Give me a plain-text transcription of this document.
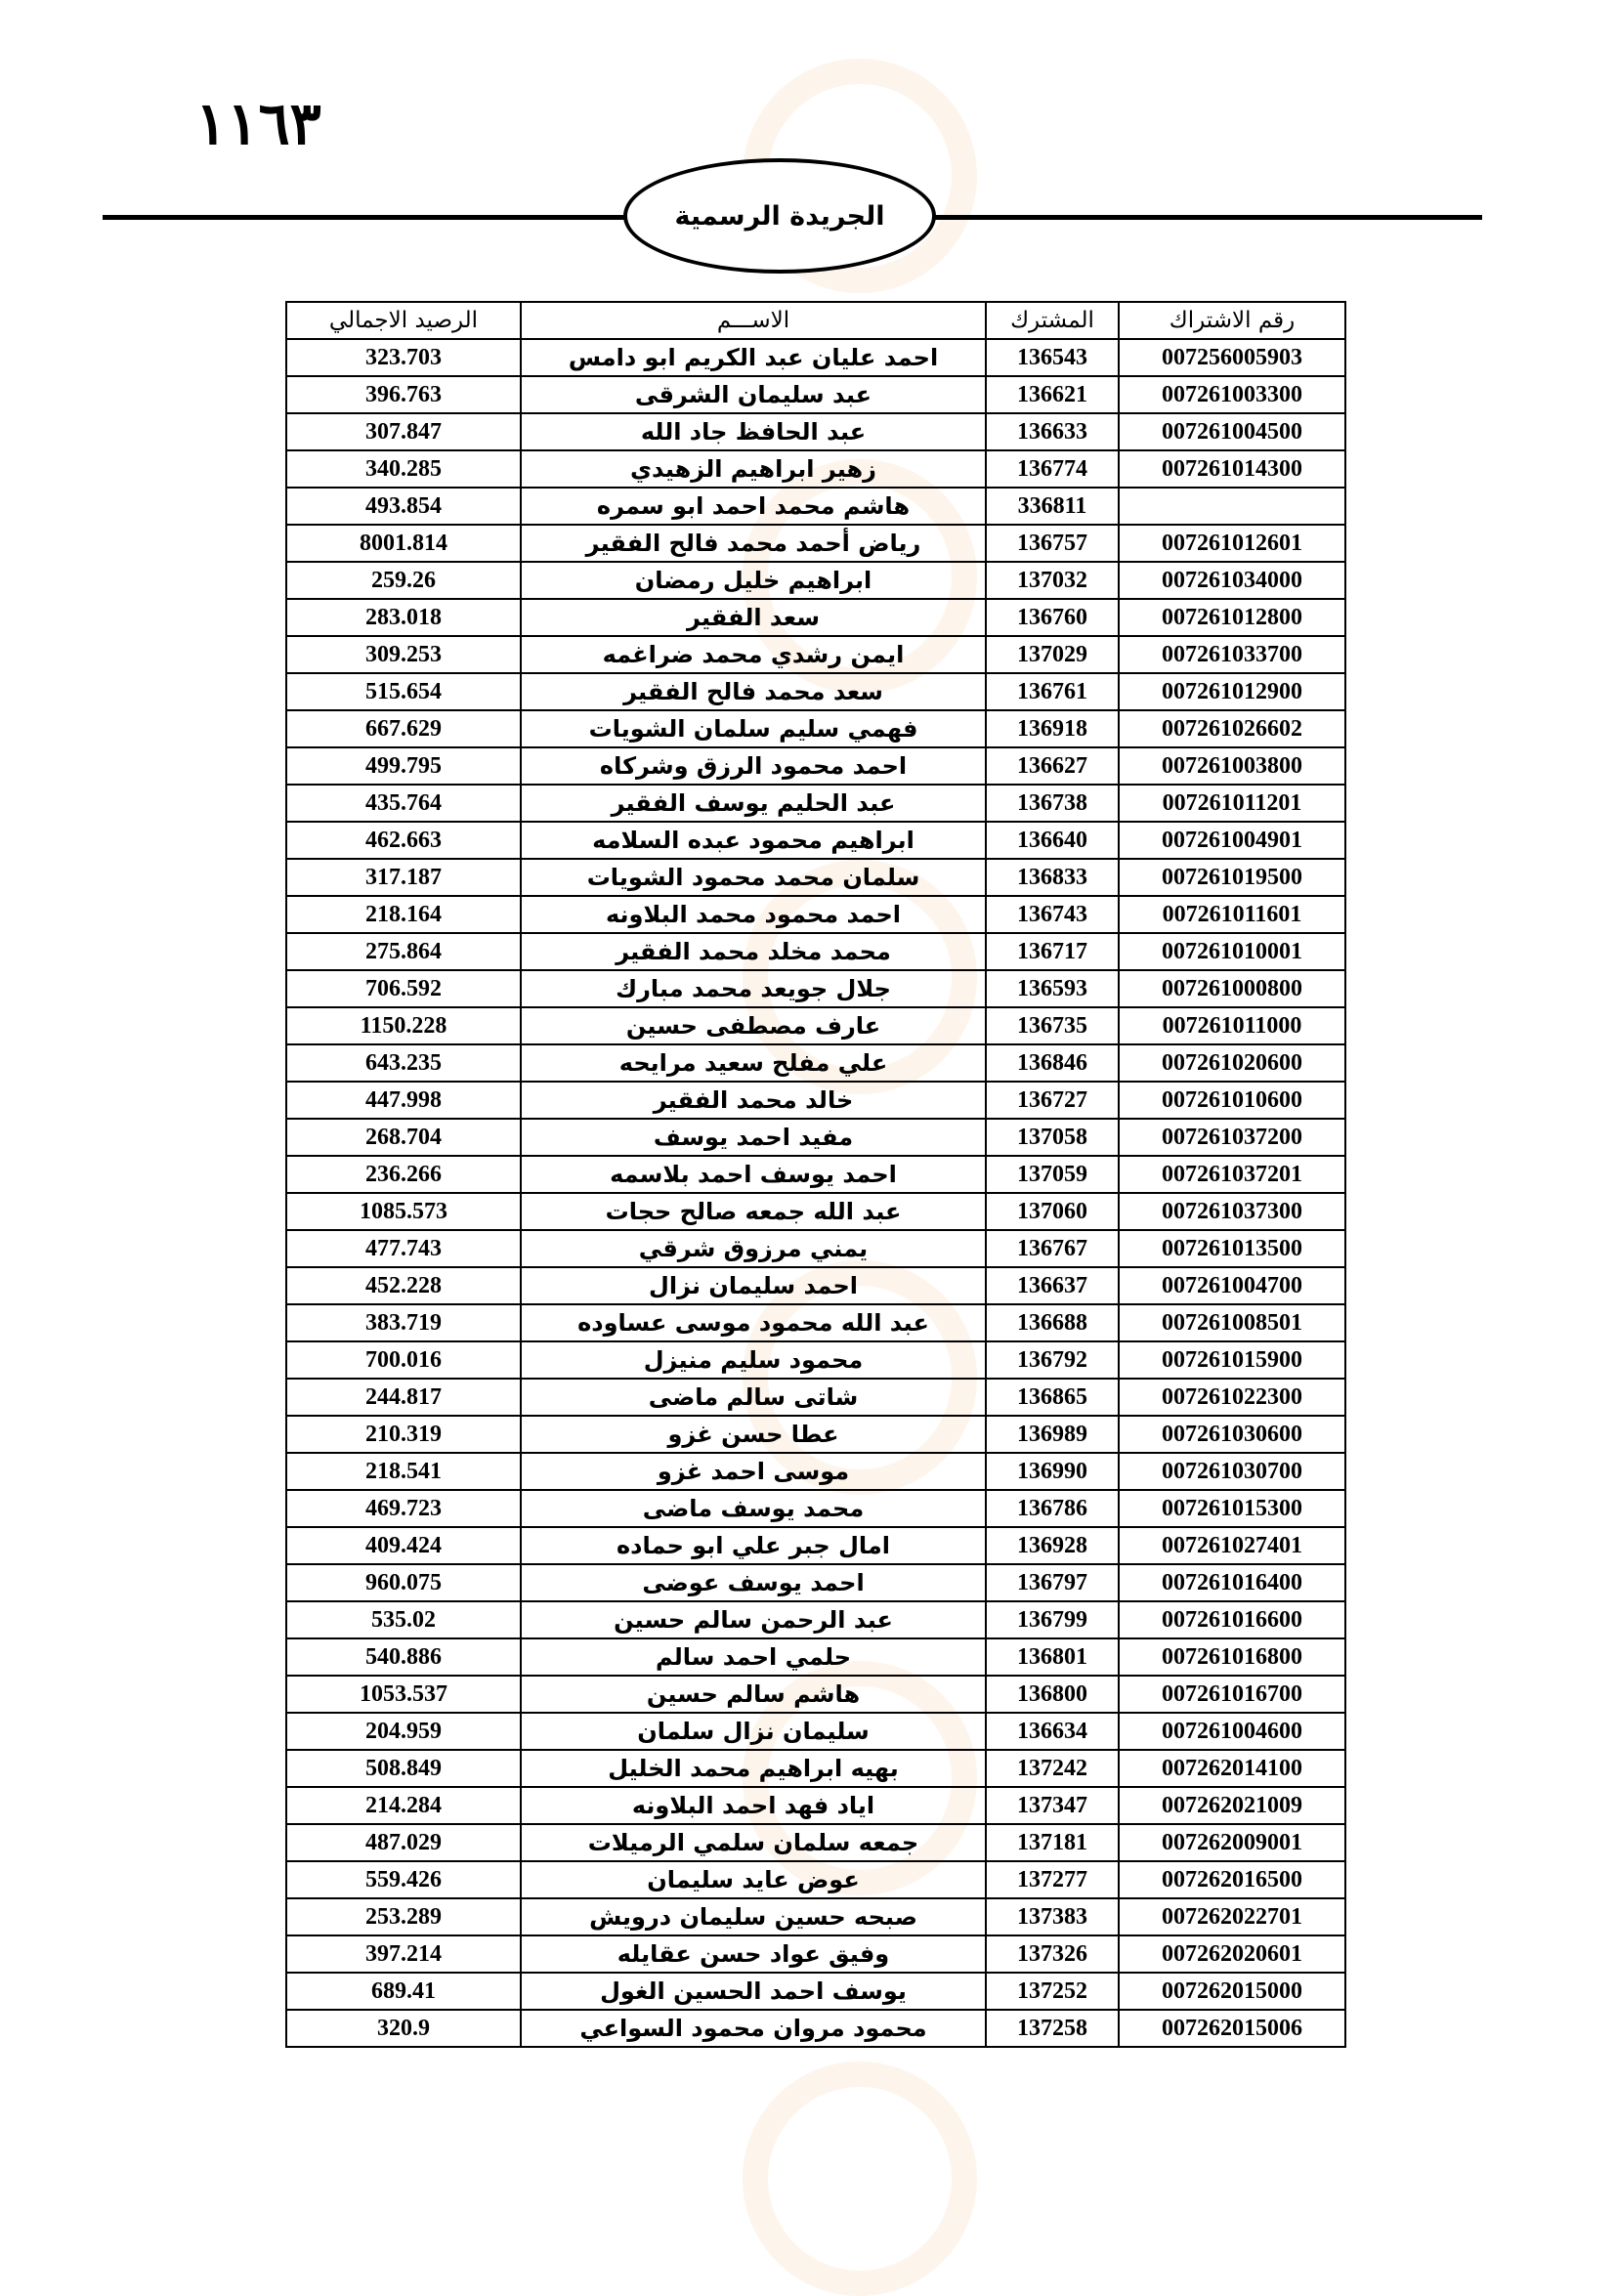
١١٦٣
الجريدة الرسمية
رقم الاشتراك	المشترك	الاســـم	الرصيد الاجمالي
007256005903	136543	احمد عليان عبد الكريم ابو دامس	323.703
007261003300	136621	عبد سليمان الشرقى	396.763
007261004500	136633	عبد الحافظ جاد الله	307.847
007261014300	136774	زهير ابراهيم الزهيدي	340.285
	336811	هاشم محمد احمد ابو سمره	493.854
007261012601	136757	رياض أحمد محمد فالح الفقير	8001.814
007261034000	137032	ابراهيم خليل رمضان	259.26
007261012800	136760	سعد الفقير	283.018
007261033700	137029	ايمن رشدي محمد ضراغمه	309.253
007261012900	136761	سعد محمد فالح الفقير	515.654
007261026602	136918	فهمي سليم سلمان الشويات	667.629
007261003800	136627	احمد محمود الرزق وشركاه	499.795
007261011201	136738	عبد الحليم يوسف الفقير	435.764
007261004901	136640	ابراهيم محمود عبده السلامه	462.663
007261019500	136833	سلمان محمد محمود الشويات	317.187
007261011601	136743	احمد محمود محمد البلاونه	218.164
007261010001	136717	محمد مخلد محمد الفقير	275.864
007261000800	136593	جلال جويعد محمد مبارك	706.592
007261011000	136735	عارف مصطفى حسين	1150.228
007261020600	136846	علي مفلح سعيد مرايحه	643.235
007261010600	136727	خالد محمد الفقير	447.998
007261037200	137058	مفيد احمد يوسف	268.704
007261037201	137059	احمد يوسف احمد بلاسمه	236.266
007261037300	137060	عبد الله جمعه صالح حجات	1085.573
007261013500	136767	يمني مرزوق شرقي	477.743
007261004700	136637	احمد سليمان نزال	452.228
007261008501	136688	عبد الله محمود موسى عساوده	383.719
007261015900	136792	محمود سليم منيزل	700.016
007261022300	136865	شاتى سالم ماضى	244.817
007261030600	136989	عطا حسن غزو	210.319
007261030700	136990	موسى احمد غزو	218.541
007261015300	136786	محمد يوسف ماضى	469.723
007261027401	136928	امال جبر علي ابو حماده	409.424
007261016400	136797	احمد يوسف عوضى	960.075
007261016600	136799	عبد الرحمن سالم حسين	535.02
007261016800	136801	حلمي احمد سالم	540.886
007261016700	136800	هاشم سالم حسين	1053.537
007261004600	136634	سليمان نزال سلمان	204.959
007262014100	137242	بهيه ابراهيم محمد الخليل	508.849
007262021009	137347	اياد فهد احمد البلاونه	214.284
007262009001	137181	جمعه سلمان سلمي الرميلات	487.029
007262016500	137277	عوض عايد سليمان	559.426
007262022701	137383	صبحه حسين سليمان درويش	253.289
007262020601	137326	وفيق عواد حسن عقايله	397.214
007262015000	137252	يوسف احمد الحسين الغول	689.41
007262015006	137258	محمود مروان محمود السواعي	320.9
